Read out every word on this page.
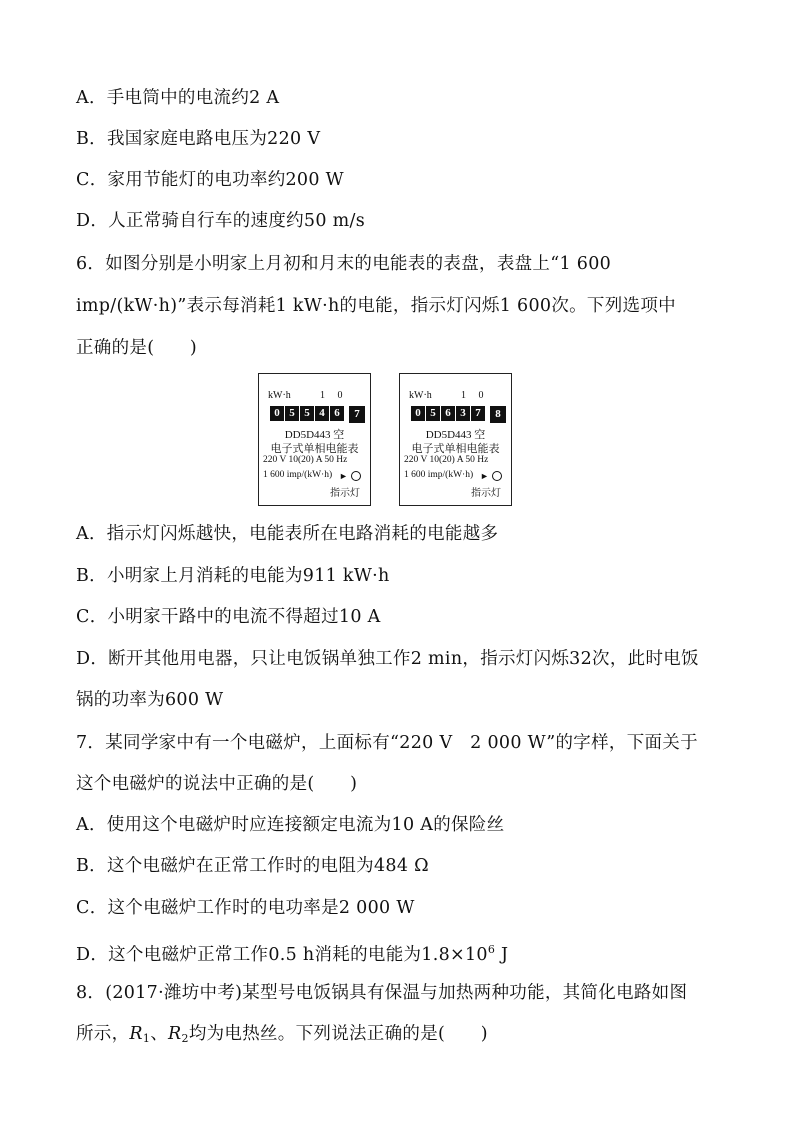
A．手电筒中的电流约2 A
B．我国家庭电路电压为220 V
C．家用节能灯的电功率约200 W
D．人正常骑自行车的速度约50 m/s
6．如图分别是小明家上月初和月末的电能表的表盘，表盘上“1 600
imp/(kW·h)”表示每消耗1 kW·h的电能，指示灯闪烁1 600次。下列选项中
正确的是(　　)
kW·h	1 0
0 5 5 4 6	7
DD5D443 空
电子式单相电能表
220 V 10(20) A 50 Hz
1 600 imp/(kW·h) ►
指示灯
kW·h	1 0
0 5 6 3 7	8
DD5D443 空
电子式单相电能表
220 V 10(20) A 50 Hz
1 600 imp/(kW·h) ►
指示灯
A．指示灯闪烁越快，电能表所在电路消耗的电能越多
B．小明家上月消耗的电能为911 kW·h
C．小明家干路中的电流不得超过10 A
D．断开其他用电器，只让电饭锅单独工作2 min，指示灯闪烁32次，此时电饭
锅的功率为600 W
7．某同学家中有一个电磁炉，上面标有“220 V　2 000 W”的字样，下面关于
这个电磁炉的说法中正确的是(　　)
A．使用这个电磁炉时应连接额定电流为10 A的保险丝
B．这个电磁炉在正常工作时的电阻为484 Ω
C．这个电磁炉工作时的电功率是2 000 W
D．这个电磁炉正常工作0.5 h消耗的电能为$1.8\times 10^6$ J
8．(2017·潍坊中考)某型号电饭锅具有保温与加热两种功能，其简化电路如图
所示，$R_1$、$R_2$均为电热丝。下列说法正确的是(　　)
